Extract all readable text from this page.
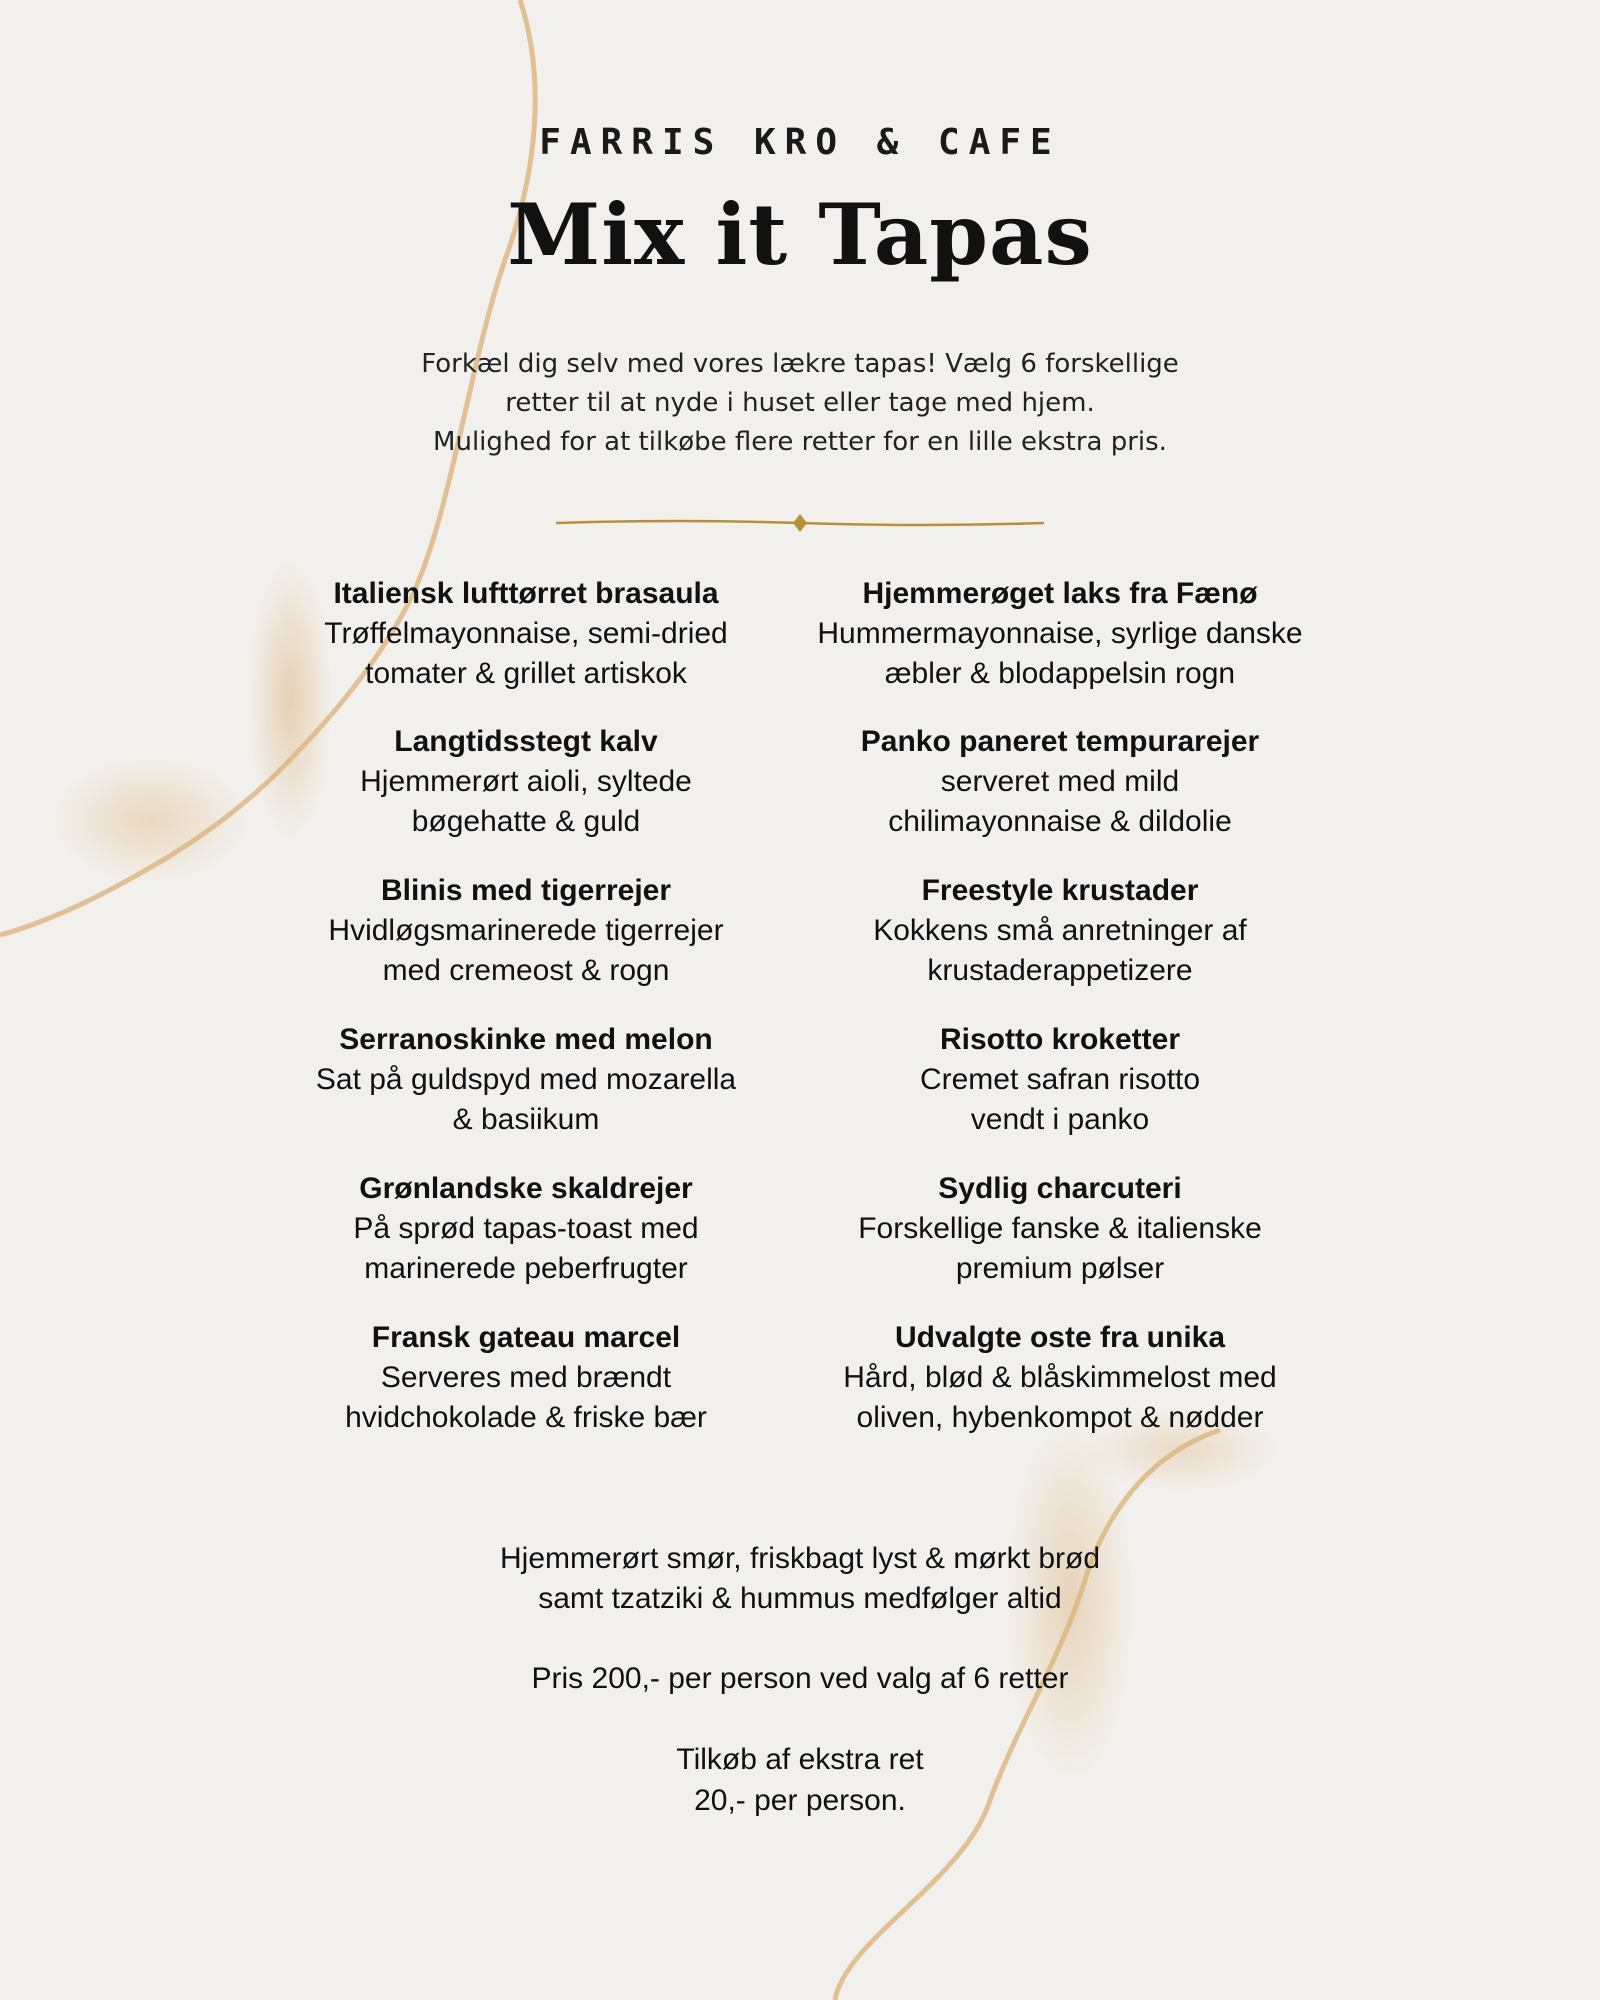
FARRIS KRO & CAFE
Mix it Tapas
Forkæl dig selv med vores lækre tapas! Vælg 6 forskellige
retter til at nyde i huset eller tage med hjem.
Mulighed for at tilkøbe flere retter for en lille ekstra pris.
Italiensk lufttørret brasaula
Trøffelmayonnaise, semi-dried
tomater & grillet artiskok
Langtidsstegt kalv
Hjemmerørt aioli, syltede
bøgehatte & guld
Blinis med tigerrejer
Hvidløgsmarinerede tigerrejer
med cremeost & rogn
Serranoskinke med melon
Sat på guldspyd med mozarella
& basiikum
Grønlandske skaldrejer
På sprød tapas-toast med
marinerede peberfrugter
Fransk gateau marcel
Serveres med brændt
hvidchokolade & friske bær
Hjemmerøget laks fra Fænø
Hummermayonnaise, syrlige danske
æbler & blodappelsin rogn
Panko paneret tempurarejer
serveret med mild
chilimayonnaise & dildolie
Freestyle krustader
Kokkens små anretninger af
krustaderappetizere
Risotto kroketter
Cremet safran risotto
vendt i panko
Sydlig charcuteri
Forskellige fanske & italienske
premium pølser
Udvalgte oste fra unika
Hård, blød & blåskimmelost med
oliven, hybenkompot & nødder
Hjemmerørt smør, friskbagt lyst & mørkt brød
samt tzatziki & hummus medfølger altid
Pris 200,- per person ved valg af 6 retter
Tilkøb af ekstra ret
20,- per person.
